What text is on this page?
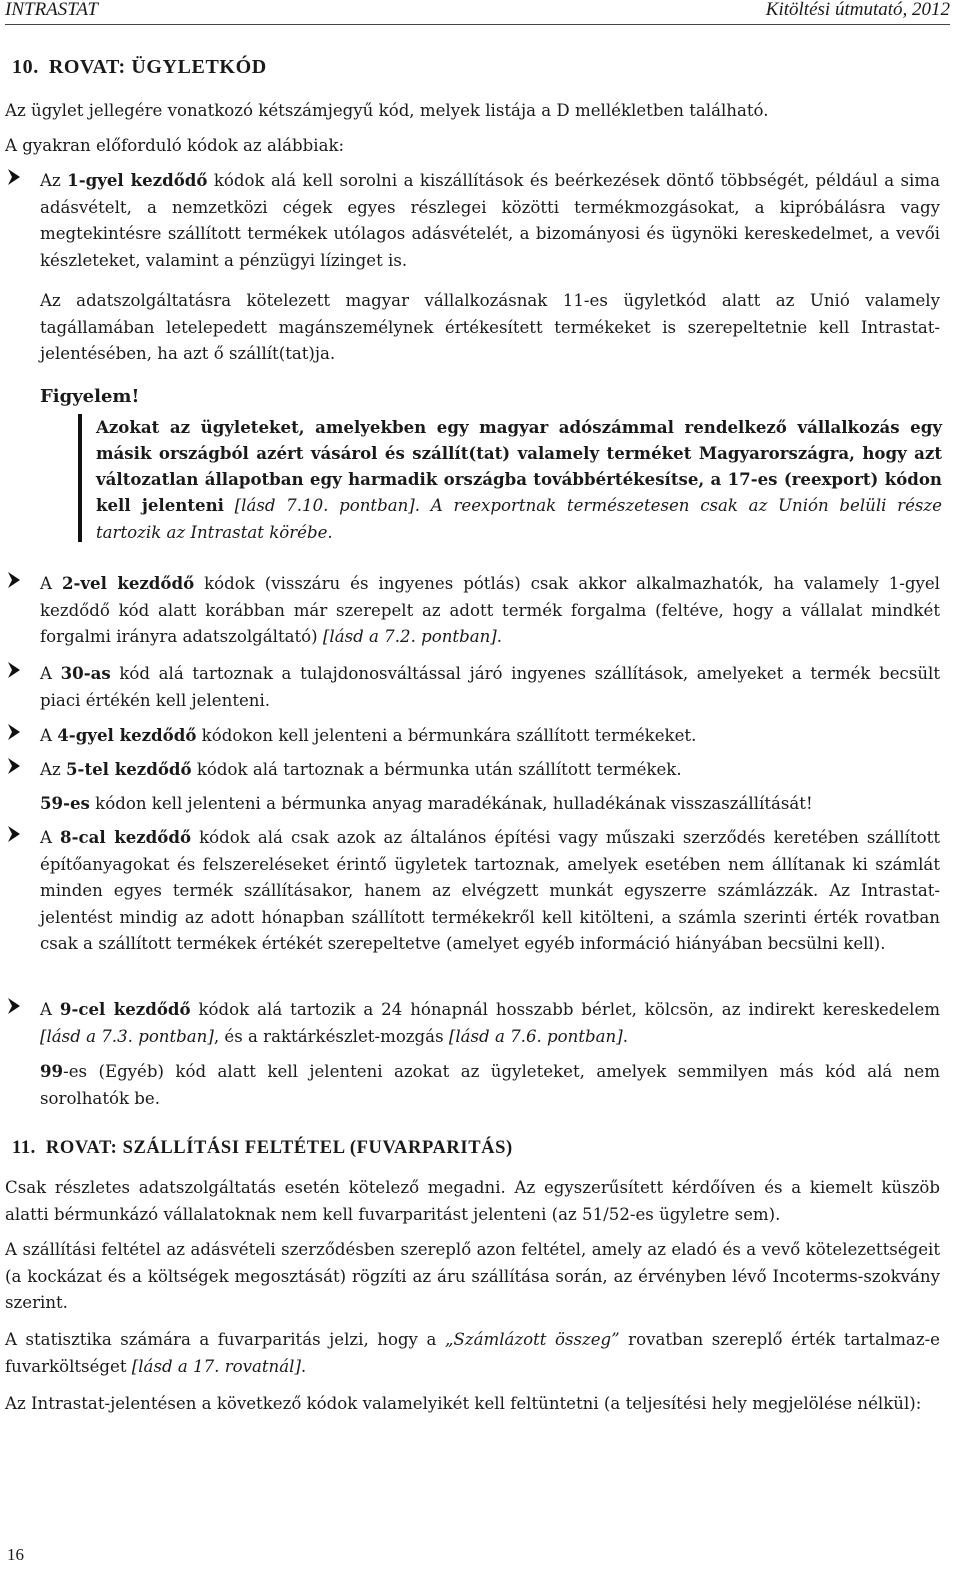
INTRASTAT	Kitöltési útmutató, 2012
10. ROVAT: ÜGYLETKÓD

Az ügylet jellegére vonatkozó kétszámjegyű kód, melyek listája a D mellékletben található.

A gyakran előforduló kódok az alábbiak:

Az 1-gyel kezdődő kódok alá kell sorolni a kiszállítások és beérkezések döntő többségét, például a sima adásvételt, a nemzetközi cégek egyes részlegei közötti termékmozgásokat, a kipróbálásra vagy megtekintésre szállított termékek utólagos adásvételét, a bizományosi és ügynöki kereskedelmet, a vevői készleteket, valamint a pénzügyi lízinget is.

Az adatszolgáltatásra kötelezett magyar vállalkozásnak 11-es ügyletkód alatt az Unió valamely tagállamában letelepedett magánszemélynek értékesített termékeket is szerepeltetnie kell Intrastat-jelentésében, ha azt ő szállít(tat)ja.

Figyelem!

Azokat az ügyleteket, amelyekben egy magyar adószámmal rendelkező vállalkozás egy másik országból azért vásárol és szállít(tat) valamely terméket Magyarországra, hogy azt változatlan állapotban egy harmadik országba továbbértékesítse, a 17-es (reexport) kódon kell jelenteni [lásd 7.10. pontban]. A reexportnak természetesen csak az Unión belüli része tartozik az Intrastat körébe.

A 2-vel kezdődő kódok (visszáru és ingyenes pótlás) csak akkor alkalmazhatók, ha valamely 1-gyel kezdődő kód alatt korábban már szerepelt az adott termék forgalma (feltéve, hogy a vállalat mindkét forgalmi irányra adatszolgáltató) [lásd a 7.2. pontban].

A 30-as kód alá tartoznak a tulajdonosváltással járó ingyenes szállítások, amelyeket a termék becsült piaci értékén kell jelenteni.

A 4-gyel kezdődő kódokon kell jelenteni a bérmunkára szállított termékeket.

Az 5-tel kezdődő kódok alá tartoznak a bérmunka után szállított termékek.

59-es kódon kell jelenteni a bérmunka anyag maradékának, hulladékának visszaszállítását!

A 8-cal kezdődő kódok alá csak azok az általános építési vagy műszaki szerződés keretében szállított építőanyagokat és felszereléseket érintő ügyletek tartoznak, amelyek esetében nem állítanak ki számlát minden egyes termék szállításakor, hanem az elvégzett munkát egyszerre számlázzák. Az Intrastat-jelentést mindig az adott hónapban szállított termékekről kell kitölteni, a számla szerinti érték rovatban csak a szállított termékek értékét szerepeltetve (amelyet egyéb információ hiányában becsülni kell).

A 9-cel kezdődő kódok alá tartozik a 24 hónapnál hosszabb bérlet, kölcsön, az indirekt kereskedelem [lásd a 7.3. pontban], és a raktárkészlet-mozgás [lásd a 7.6. pontban].

99-es (Egyéb) kód alatt kell jelenteni azokat az ügyleteket, amelyek semmilyen más kód alá nem sorolhatók be.

11. ROVAT: SZÁLLÍTÁSI FELTÉTEL (FUVARPARITÁS)

Csak részletes adatszolgáltatás esetén kötelező megadni. Az egyszerűsített kérdőíven és a kiemelt küszöb alatti bérmunkázó vállalatoknak nem kell fuvarparitást jelenteni (az 51/52-es ügyletre sem).

A szállítási feltétel az adásvételi szerződésben szereplő azon feltétel, amely az eladó és a vevő kötelezettségeit (a kockázat és a költségek megosztását) rögzíti az áru szállítása során, az érvényben lévő Incoterms-szokvány szerint.

A statisztika számára a fuvarparitás jelzi, hogy a „Számlázott összeg” rovatban szereplő érték tartalmaz-e fuvarköltséget [lásd a 17. rovatnál].

Az Intrastat-jelentésen a következő kódok valamelyikét kell feltüntetni (a teljesítési hely megjelölése nélkül):

16
